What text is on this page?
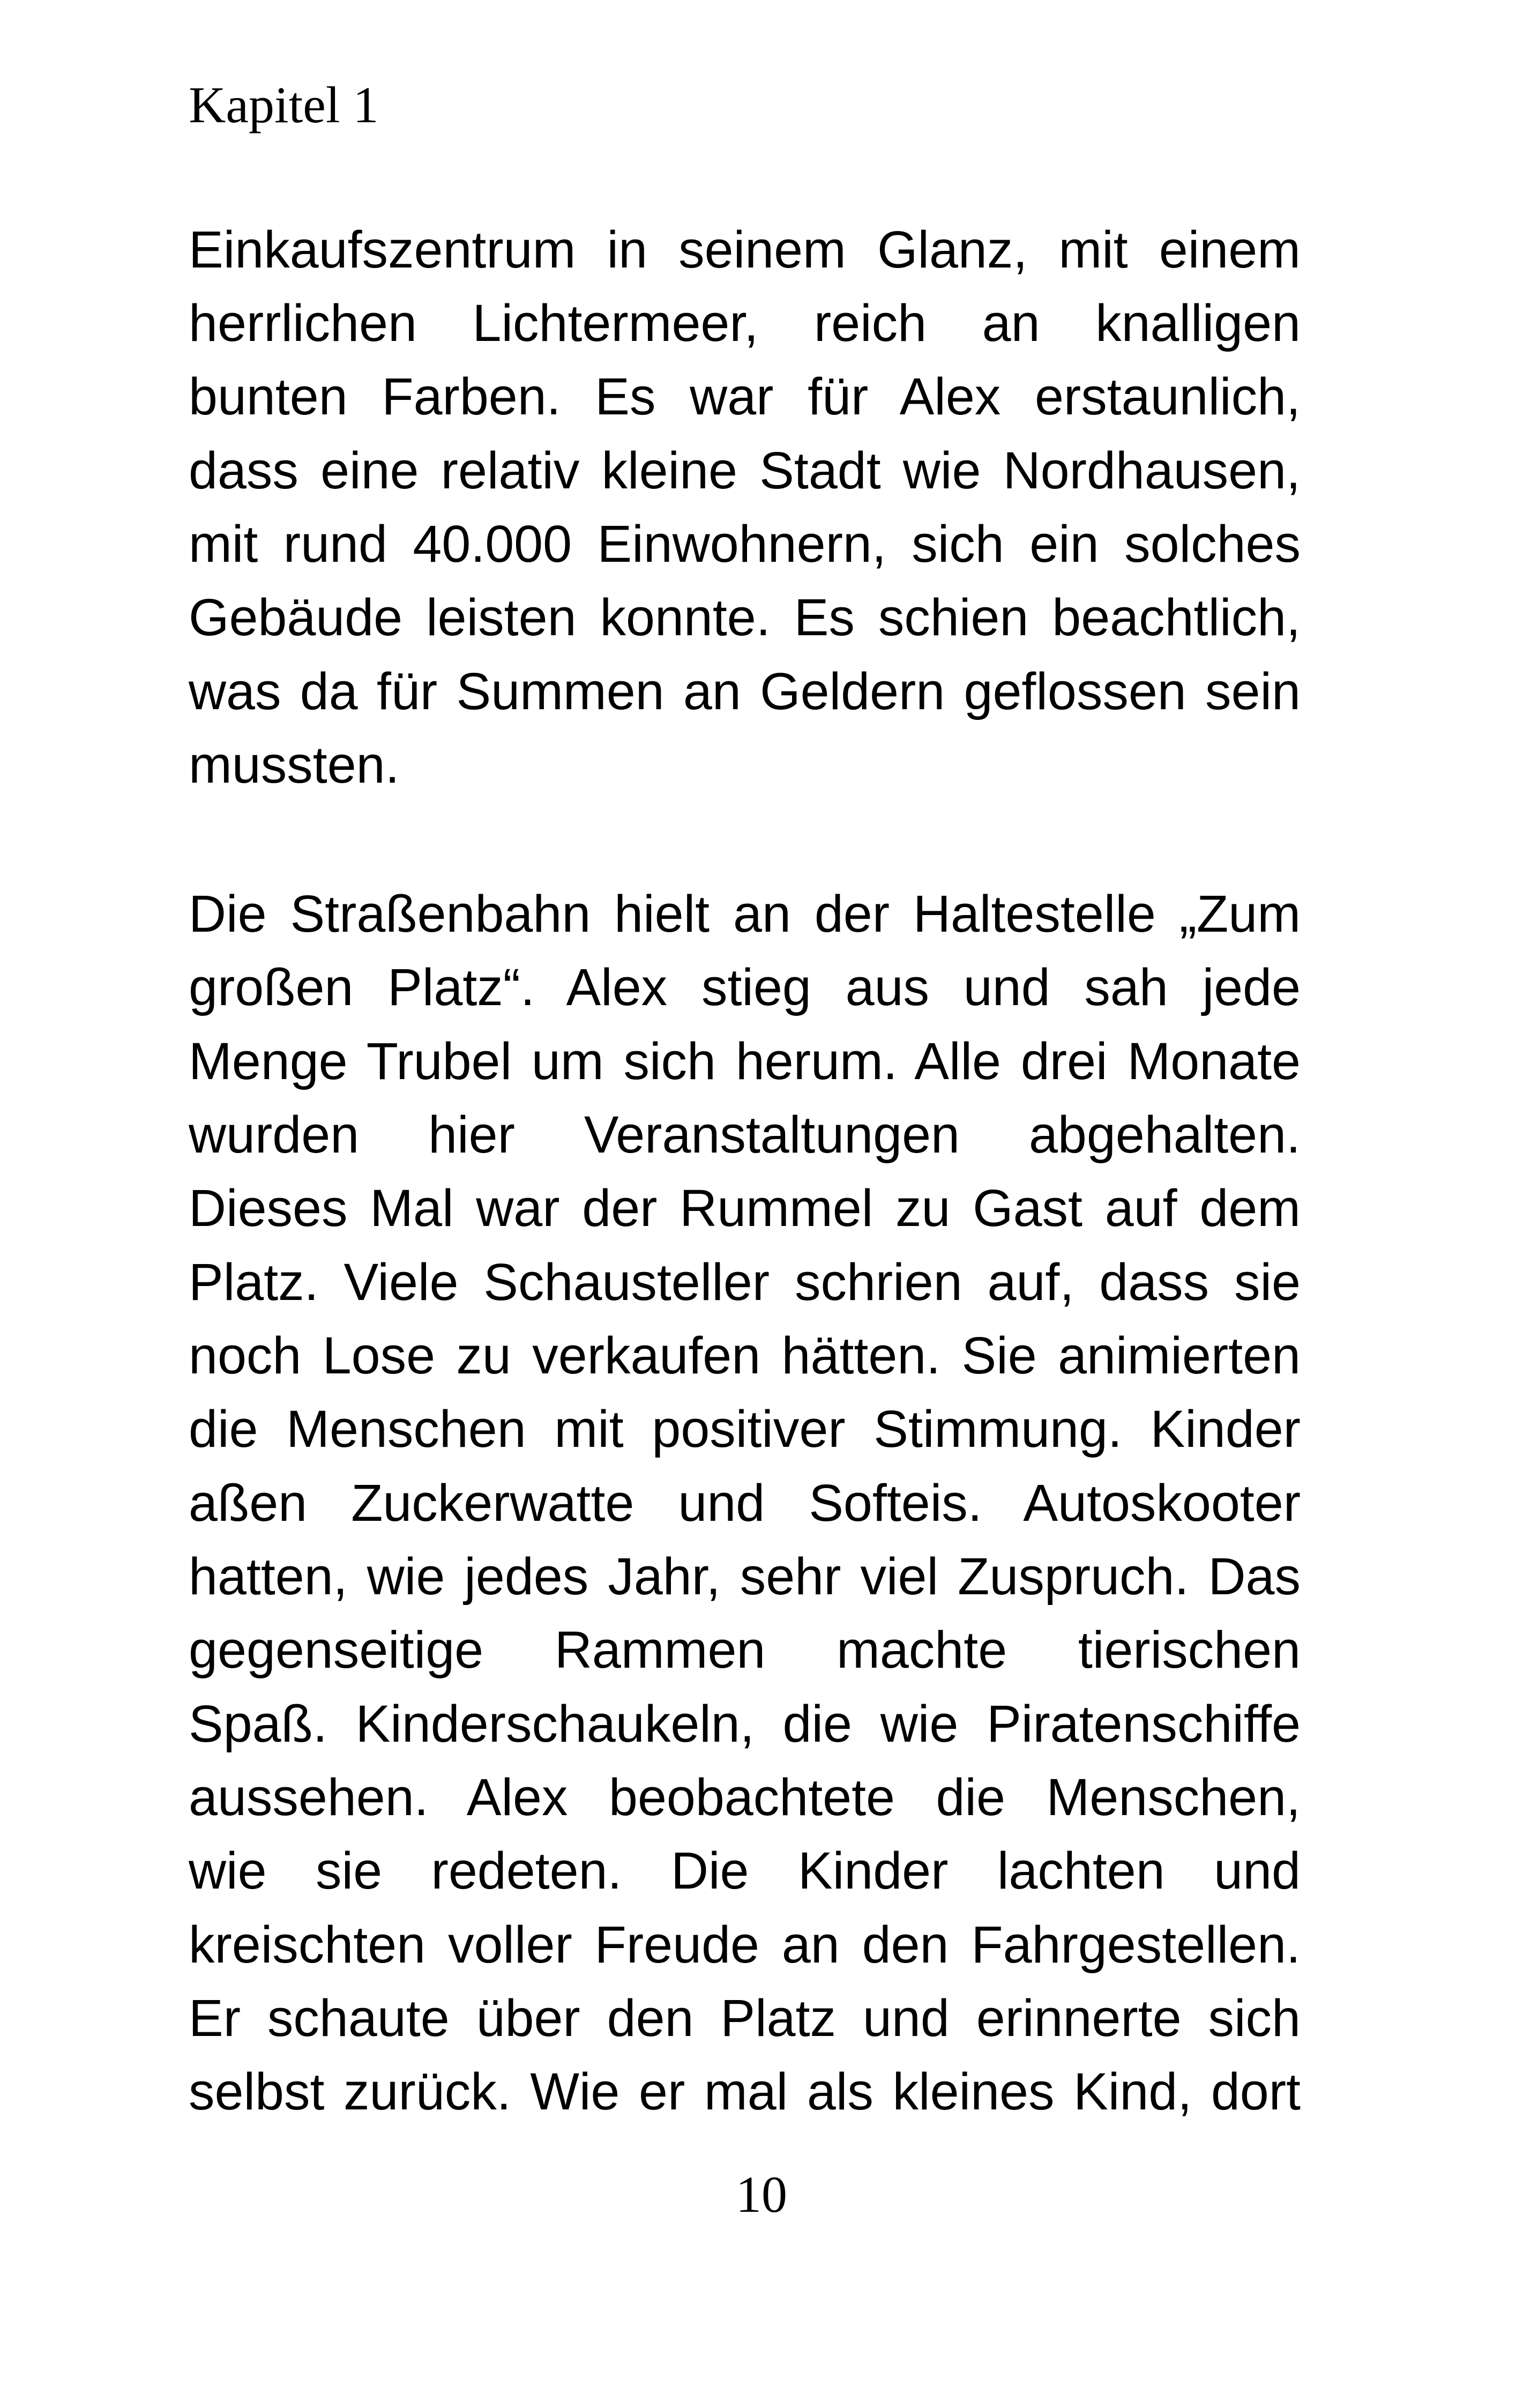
Kapitel 1
Einkaufszentrum in seinem Glanz, mit einem
herrlichen Lichtermeer, reich an knalligen
bunten Farben. Es war für Alex erstaunlich,
dass eine relativ kleine Stadt wie Nordhausen,
mit rund 40.000 Einwohnern, sich ein solches
Gebäude leisten konnte. Es schien beachtlich,
was da für Summen an Geldern geflossen sein
mussten.
Die Straßenbahn hielt an der Haltestelle „Zum
großen Platz“. Alex stieg aus und sah jede
Menge Trubel um sich herum. Alle drei Monate
wurden hier Veranstaltungen abgehalten.
Dieses Mal war der Rummel zu Gast auf dem
Platz. Viele Schausteller schrien auf, dass sie
noch Lose zu verkaufen hätten. Sie animierten
die Menschen mit positiver Stimmung. Kinder
aßen Zuckerwatte und Softeis. Autoskooter
hatten, wie jedes Jahr, sehr viel Zuspruch. Das
gegenseitige Rammen machte tierischen
Spaß. Kinderschaukeln, die wie Piratenschiffe
aussehen. Alex beobachtete die Menschen,
wie sie redeten. Die Kinder lachten und
kreischten voller Freude an den Fahrgestellen.
Er schaute über den Platz und erinnerte sich
selbst zurück. Wie er mal als kleines Kind, dort
10
